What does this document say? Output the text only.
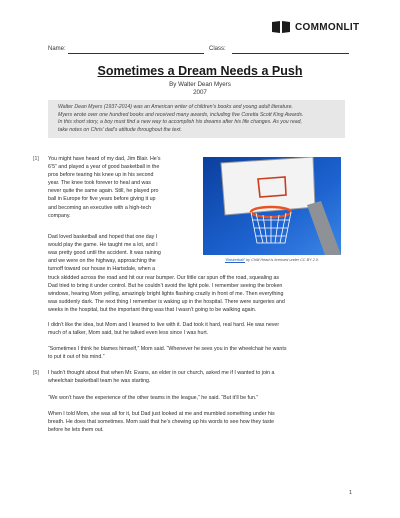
COMMONLIT
Name:	Class:
Sometimes a Dream Needs a Push
By Walter Dean Myers
2007
Walter Dean Myers (1937-2014) was an American writer of children’s books and young adult literature.
Myers wrote over one hundred books and received many awards, including five Coretta Scott King Awards.
In this short story, a boy must find a new way to accomplish his dreams after his life changes. As you read,
take notes on Chris’ dad’s attitude throughout the text.
[1] You might have heard of my dad, Jim Blair. He’s
6’5” and played a year of good basketball in the
pros before tearing his knee up in his second
year. The knee took forever to heal and was
never quite the same again. Still, he played pro
ball in Europe for five years before giving it up
and becoming an executive with a high-tech
company.
Dad loved basketball and hoped that one day I
would play the game. He taught me a lot, and I
was pretty good until the accident. It was raining
and we were on the highway, approaching the
turnoff toward our house in Hartsdale, when a
truck skidded across the road and hit our rear bumper. Our little car spun off the road, squealing as
Dad tried to bring it under control. But he couldn’t avoid the light pole. I remember seeing the broken
windows, hearing Mom yelling, amazingly bright lights flashing crazily in front of me. Then everything
was suddenly dark. The next thing I remember is waking up in the hospital. There were surgeries and
weeks in the hospital, but the important thing was that I wasn’t going to be walking again.
“Basketball” by Chilli Head is licensed under CC BY 2.0.
I didn’t like the idea, but Mom and I learned to live with it. Dad took it hard, real hard. He was never
much of a talker, Mom said, but he talked even less since I was hurt.
“Sometimes I think he blames himself,” Mom said. “Whenever he sees you in the wheelchair he wants
to put it out of his mind.”
[5] I hadn’t thought about that when Mr. Evans, an elder in our church, asked me if I wanted to join a
wheelchair basketball team he was starting.
“We won’t have the experience of the other teams in the league,” he said. “But it’ll be fun.”
When I told Mom, she was all for it, but Dad just looked at me and mumbled something under his
breath. He does that sometimes. Mom said that he’s chewing up his words to see how they taste
before he lets them out.
1
